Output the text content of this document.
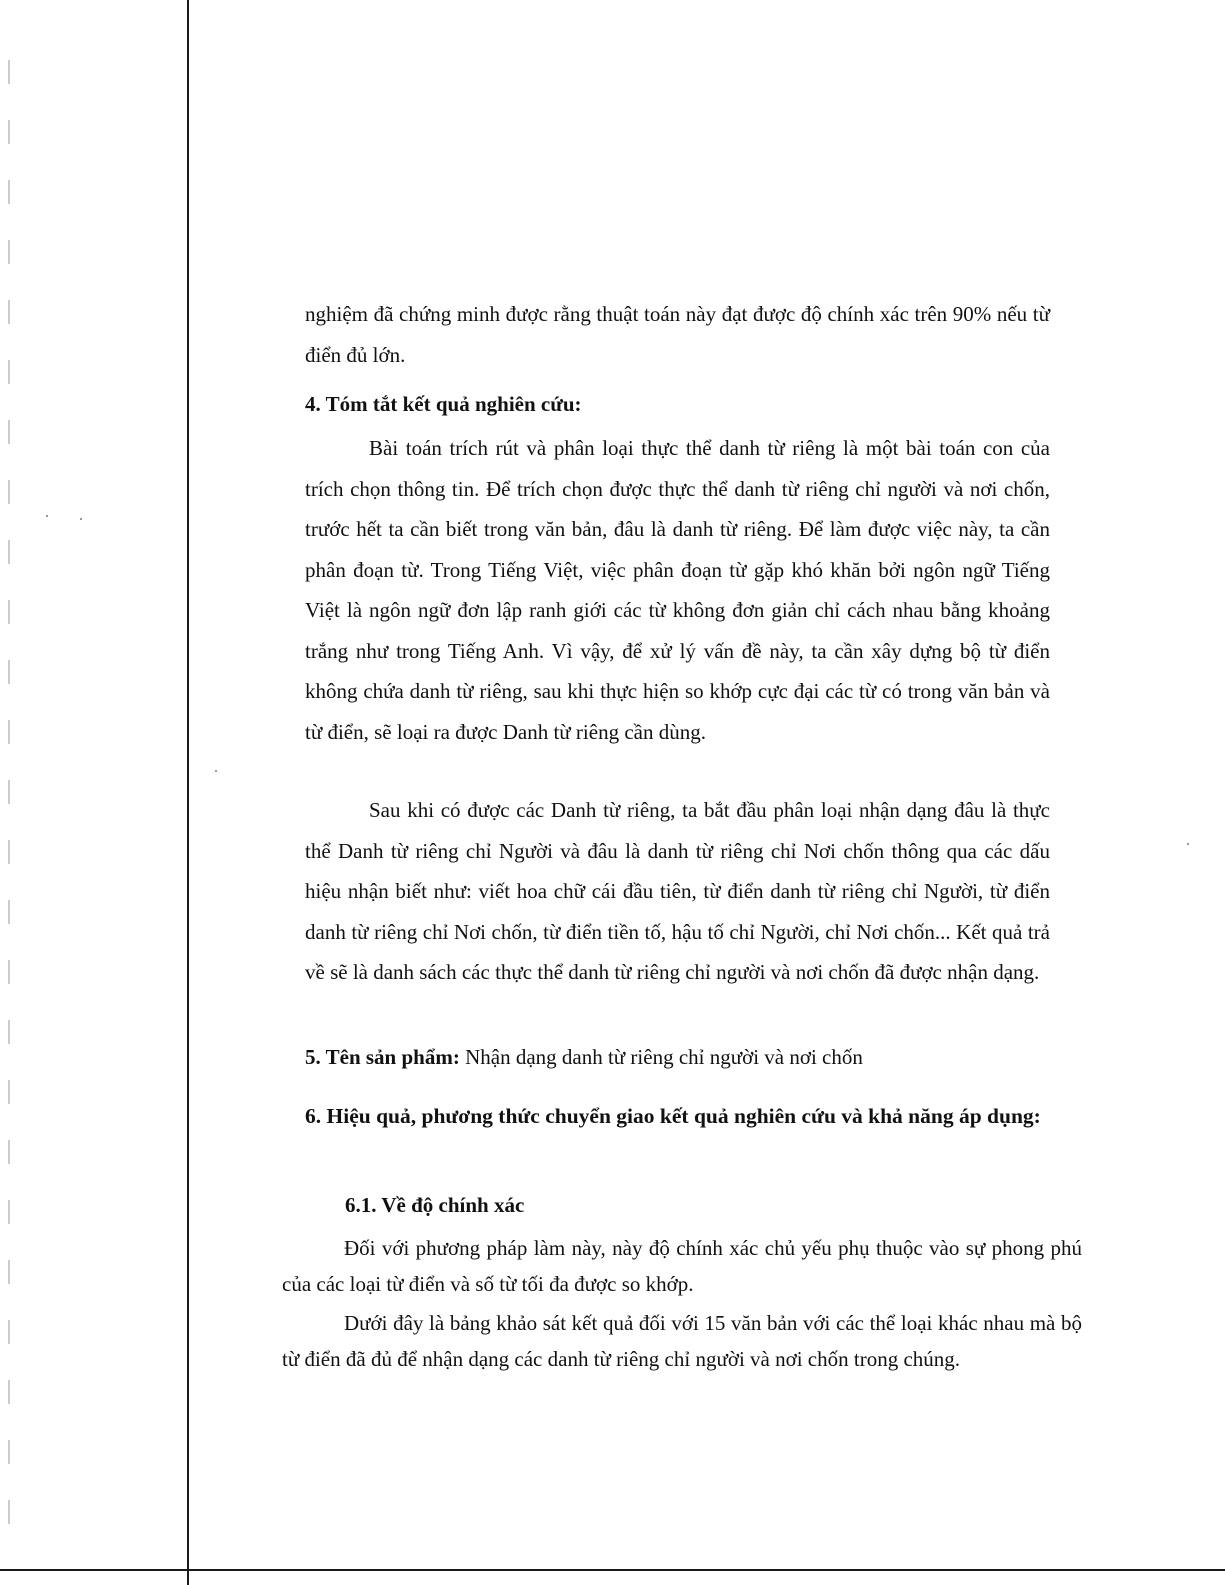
nghiệm đã chứng minh được rằng thuật toán này đạt được độ chính xác trên 90% nếu từ điển đủ lớn.
4. Tóm tắt kết quả nghiên cứu:
Bài toán trích rút và phân loại thực thể danh từ riêng là một bài toán con của trích chọn thông tin. Để trích chọn được thực thể danh từ riêng chỉ người và nơi chốn, trước hết ta cần biết trong văn bản, đâu là danh từ riêng. Để làm được việc này, ta cần phân đoạn từ. Trong Tiếng Việt, việc phân đoạn từ gặp khó khăn bởi ngôn ngữ Tiếng Việt là ngôn ngữ đơn lập ranh giới các từ không đơn giản chỉ cách nhau bằng khoảng trắng như trong Tiếng Anh. Vì vậy, để xử lý vấn đề này, ta cần xây dựng bộ từ điển không chứa danh từ riêng, sau khi thực hiện so khớp cực đại các từ có trong văn bản và từ điển, sẽ loại ra được Danh từ riêng cần dùng.
Sau khi có được các Danh từ riêng, ta bắt đầu phân loại nhận dạng đâu là thực thể Danh từ riêng chỉ Người và đâu là danh từ riêng chỉ Nơi chốn thông qua các dấu hiệu nhận biết như: viết hoa chữ cái đầu tiên, từ điển danh từ riêng chỉ Người, từ điển danh từ riêng chỉ Nơi chốn, từ điển tiền tố, hậu tố chỉ Người, chỉ Nơi chốn... Kết quả trả về sẽ là danh sách các thực thể danh từ riêng chỉ người và nơi chốn đã được nhận dạng.
5. Tên sản phẩm: Nhận dạng danh từ riêng chỉ người và nơi chốn
6. Hiệu quả, phương thức chuyển giao kết quả nghiên cứu và khả năng áp dụng:
6.1. Về độ chính xác
Đối với phương pháp làm này, này độ chính xác chủ yếu phụ thuộc vào sự phong phú của các loại từ điển và số từ tối đa được so khớp.
Dưới đây là bảng khảo sát kết quả đối với 15 văn bản với các thể loại khác nhau mà bộ từ điển đã đủ để nhận dạng các danh từ riêng chỉ người và nơi chốn trong chúng.
